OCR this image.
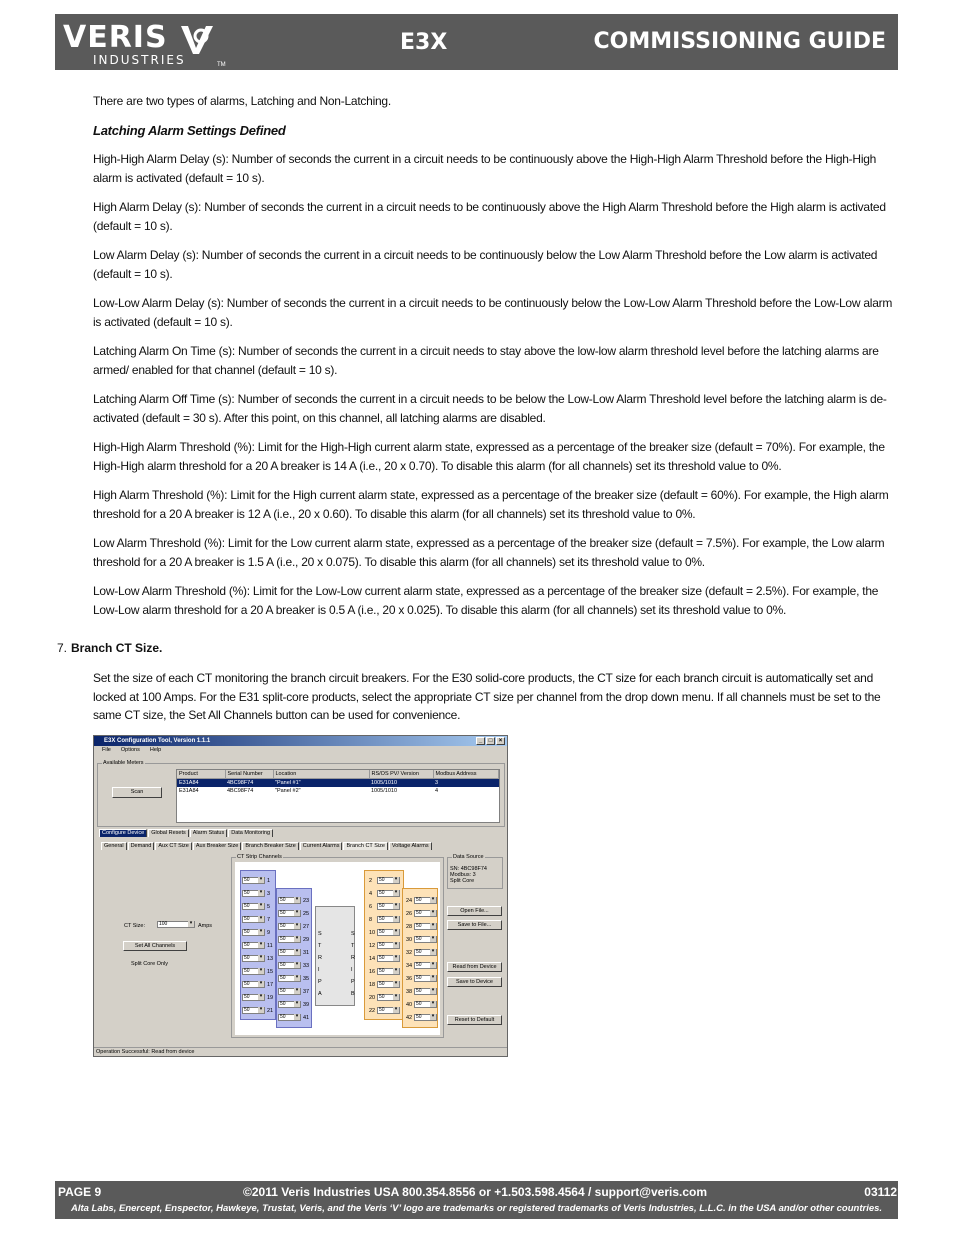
VERIS
INDUSTRIES	TM
E3X	COMMISSIONING GUIDE

There are two types of alarms, Latching and Non-Latching.

Latching Alarm Settings Defined

High-High Alarm Delay (s): Number of seconds the current in a circuit needs to be continuously above the High-High Alarm Threshold before the High-High alarm is activated (default = 10 s).

High Alarm Delay (s): Number of seconds the current in a circuit needs to be continuously above the High Alarm Threshold before the High alarm is activated (default = 10 s).

Low Alarm Delay (s): Number of seconds the current in a circuit needs to be continuously below the Low Alarm Threshold before the Low alarm is activated (default = 10 s).

Low-Low Alarm Delay (s): Number of seconds the current in a circuit needs to be continuously below the Low-Low Alarm Threshold before the Low-Low alarm is activated (default = 10 s).

Latching Alarm On Time (s): Number of seconds the current in a circuit needs to stay above the low-low alarm threshold level before the latching alarms are armed/ enabled for that channel (default = 10 s).

Latching Alarm Off Time (s): Number of seconds the current in a circuit needs to be below the Low-Low Alarm Threshold level before the latching alarm is de-activated (default = 30 s). After this point, on this channel, all latching alarms are disabled.

High-High Alarm Threshold (%): Limit for the High-High current alarm state, expressed as a percentage of the breaker size (default = 70%). For example, the High-High alarm threshold for a 20 A breaker is 14 A (i.e., 20 x 0.70). To disable this alarm (for all channels) set its threshold value to 0%.

High Alarm Threshold (%): Limit for the High current alarm state, expressed as a percentage of the breaker size (default = 60%). For example, the High alarm threshold for a 20 A breaker is 12 A (i.e., 20 x 0.60). To disable this alarm (for all channels) set its threshold value to 0%.

Low Alarm Threshold (%): Limit for the Low current alarm state, expressed as a percentage of the breaker size (default = 7.5%). For example, the Low alarm threshold for a 20 A breaker is 1.5 A (i.e., 20 x 0.075). To disable this alarm (for all channels) set its threshold value to 0%.

Low-Low Alarm Threshold (%): Limit for the Low-Low current alarm state, expressed as a percentage of the breaker size (default = 2.5%). For example, the Low-Low alarm threshold for a 20 A breaker is 0.5 A (i.e., 20 x 0.025). To disable this alarm (for all channels) set its threshold value to 0%.

7. Branch CT Size.

Set the size of each CT monitoring the branch circuit breakers. For the E30 solid-core products, the CT size for each branch circuit is automatically set and locked at 100 Amps. For the E31 split-core products, select the appropriate CT size per channel from the drop down menu. If all channels must be set to the same CT size, the Set All Channels button can be used for convenience.

E3X Configuration Tool, Version 1.1.1	_	□	×
File Options Help
Available Meters
Scan
Product	Serial Number	Location	RS/OS PV/ Version	Modbus Address
E31A84	4BC98F74	"Panel #1"	1005/1010	3
E31A84	4BC98F74	"Panel #2"	1005/1010	4
Configure Device	Global Resets	Alarm Status	Data Monitoring
General	Demand	Aux CT Size	Aux Breaker Size	Branch Breaker Size	Current Alarms	Branch CT Size	Voltage Alarms
CT Size:	100 ▾	Amps
Set All Channels
Split Core Only
CT Strip Channels	Data Source
SN: 4BC98F74
Modbus: 3
Split Core
Open File...
Save to File...
Read from Device
Save to Device
Reset to Default
Operation Successful: Read from device
50 ▾	1
50 ▾	3
50 ▾	5
50 ▾	7
50 ▾	9
50 ▾	11
50 ▾	13
50 ▾	15
50 ▾	17
50 ▾	19
50 ▾	21
50 ▾	23
50 ▾	25
50 ▾	27
50 ▾	29
50 ▾	31
50 ▾	33
50 ▾	35
50 ▾	37
50 ▾	39
50 ▾	41
50 ▾
2
50 ▾
4
50 ▾
6
50 ▾
8
50 ▾
10
50 ▾
12
50 ▾
14
50 ▾
16
50 ▾
18
50 ▾
20
50 ▾
22
50 ▾
24
50 ▾
26
50 ▾
28
50 ▾
30
50 ▾
32
50 ▾
34
50 ▾
36
50 ▾
38
50 ▾
40
50 ▾
42
S
T
R
I
P
A
S
T
R
I
P
B
PAGE 9	©2011 Veris Industries USA 800.354.8556 or +1.503.598.4564 / support@veris.com	03112
Alta Labs, Enercept, Enspector, Hawkeye, Trustat, Veris, and the Veris ‘V’ logo are trademarks or registered trademarks of Veris Industries, L.L.C. in the USA and/or other countries.
